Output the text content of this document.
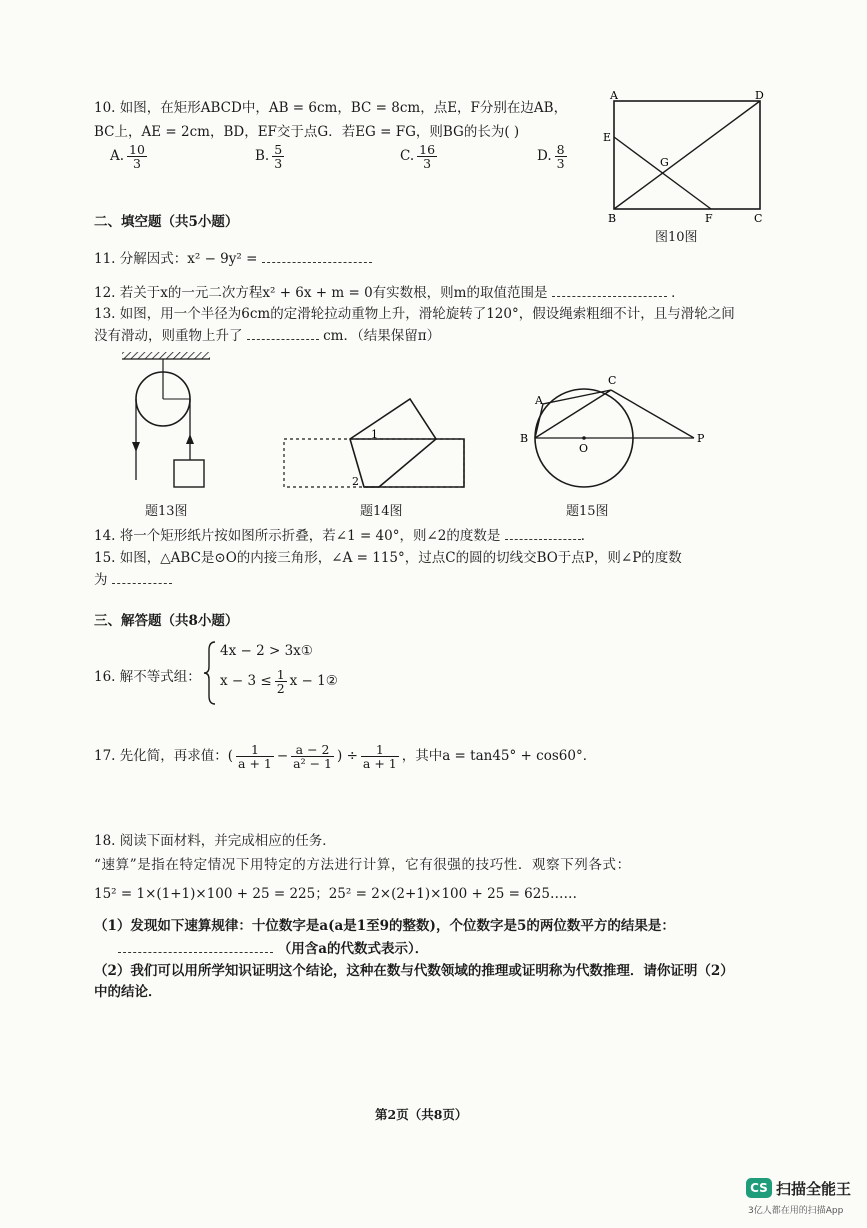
10. 如图，在矩形ABCD中，AB = 6cm，BC = 8cm，点E，F分别在边AB，
BC上，AE = 2cm，BD，EF交于点G．若EG = FG，则BG的长为( )
A. $\frac{10}{3}$	B. $\frac{5}{3}$	C. $\frac{16}{3}$	D. $\frac{8}{3}$
A	D
E
G
B	F	C
图10图
二、填空题（共5小题）
11. 分解因式：x² − 9y² =
12. 若关于x的一元二次方程x² + 6x + m = 0有实数根，则m的取值范围是	．
13. 如图，用一个半径为6cm的定滑轮拉动重物上升，滑轮旋转了120°，假设绳索粗细不计，且与滑轮之间
没有滑动，则重物上升了	cm．（结果保留π）
1
2
A
C
B
O
P
题13图	题14图	题15图
14. 将一个矩形纸片按如图所示折叠，若∠1 = 40°，则∠2的度数是	．
15. 如图，△ABC是⊙O的内接三角形，∠A = 115°，过点C的圆的切线交BO于点P，则∠P的度数
为
三、解答题（共8小题）
16. 解不等式组：
4x − 2 > 3x①
$x - 3 \le \frac{1}{2}$ x − 1②
17. 先化简，再求值：( $\frac{1}{a + 1} - \frac{a - 2}{\text{a² − 1}}$ ) ÷ $\frac{1}{a + 1}$ ，其中a = tan45° + cos60°．
18. 阅读下面材料，并完成相应的任务．
“速算”是指在特定情况下用特定的方法进行计算，它有很强的技巧性．观察下列各式：
15² = 1×(1+1)×100 + 25 = 225；25² = 2×(2+1)×100 + 25 = 625……
（1）发现如下速算规律：十位数字是a(a是1至9的整数)，个位数字是5的两位数平方的结果是：
（用含a的代数式表示）．
（2）我们可以用所学知识证明这个结论，这种在数与代数领域的推理或证明称为代数推理．请你证明（2）
中的结论．
第2页（共8页）
CS 扫描全能王
3亿人都在用的扫描App
